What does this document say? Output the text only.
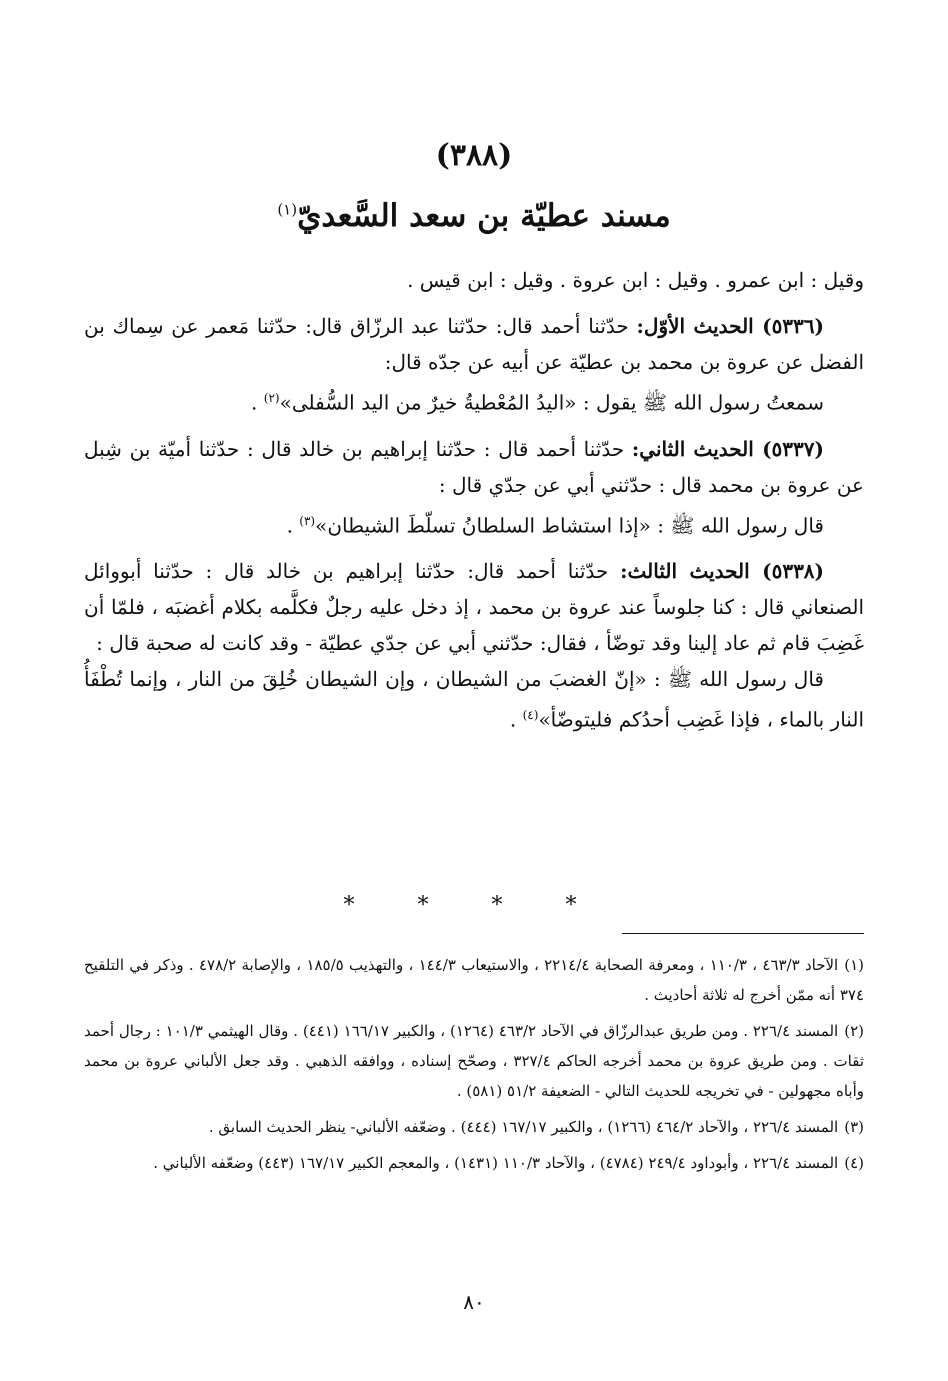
(٣٨٨)
مسند عطيّة بن سعد السَّعديّ$^{(١)}$

وقيل : ابن عمرو . وقيل : ابن عروة . وقيل : ابن قيس .

(٥٣٣٦) الحديث الأوّل: حدّثنا أحمد قال: حدّثنا عبد الرزّاق قال: حدّثنا مَعمر عن سِماك بن الفضل عن عروة بن محمد بن عطيّة عن أبيه عن جدّه قال:

سمعتُ رسول الله ﷺ يقول : «اليدُ المُعْطيةُ خيرٌ من اليد السُّفلى»$^{(٢)}$ .

(٥٣٣٧) الحديث الثاني: حدّثنا أحمد قال : حدّثنا إبراهيم بن خالد قال : حدّثنا أميّة بن شِبل عن عروة بن محمد قال : حدّثني أبي عن جدّي قال :

قال رسول الله ﷺ : «إذا استشاط السلطانُ تسلّطَ الشيطان»$^{(٣)}$ .

(٥٣٣٨) الحديث الثالث: حدّثنا أحمد قال: حدّثنا إبراهيم بن خالد قال : حدّثنا أبووائل الصنعاني قال : كنا جلوساً عند عروة بن محمد ، إذ دخل عليه رجلٌ فكلَّمه بكلام أغضبَه ، فلمّا أن غَضِبَ قام ثم عاد إلينا وقد توضّأ ، فقال: حدّثني أبي عن جدّي عطيّة - وقد كانت له صحبة قال :

قال رسول الله ﷺ : «إنّ الغضبَ من الشيطان ، وإن الشيطان خُلِقَ من النار ، وإنما تُطْفَأُ النار بالماء ، فإذا غَضِب أحدُكم فليتوضّأ»$^{(٤)}$ .

* * * *

(١)الآحاد ٤٦٣/٣ ، ١١٠/٣ ، ومعرفة الصحابة ٢٢١٤/٤ ، والاستيعاب ١٤٤/٣ ، والتهذيب ١٨٥/٥ ، والإصابة ٤٧٨/٢ . وذكر في التلقيح ٣٧٤ أنه ممّن أخرج له ثلاثة أحاديث .

(٢)المسند ٢٢٦/٤ . ومن طريق عبدالرزّاق في الآحاد ٤٦٣/٢ (١٢٦٤) ، والكبير ١٦٦/١٧ (٤٤١) . وقال الهيثمي ١٠١/٣ : رجال أحمد ثقات . ومن طريق عروة بن محمد أخرجه الحاكم ٣٢٧/٤ ، وصحّح إسناده ، ووافقه الذهبي . وقد جعل الألباني عروة بن محمد وأباه مجهولين - في تخريجه للحديث التالي - الضعيفة ٥١/٢ (٥٨١) .

(٣)المسند ٢٢٦/٤ ، والآحاد ٤٦٤/٢ (١٢٦٦) ، والكبير ١٦٧/١٧ (٤٤٤) . وضعّفه الألباني- ينظر الحديث السابق .

(٤)المسند ٢٢٦/٤ ، وأبوداود ٢٤٩/٤ (٤٧٨٤) ، والآحاد ١١٠/٣ (١٤٣١) ، والمعجم الكبير ١٦٧/١٧ (٤٤٣) وضعّفه الألباني .

٨٠
